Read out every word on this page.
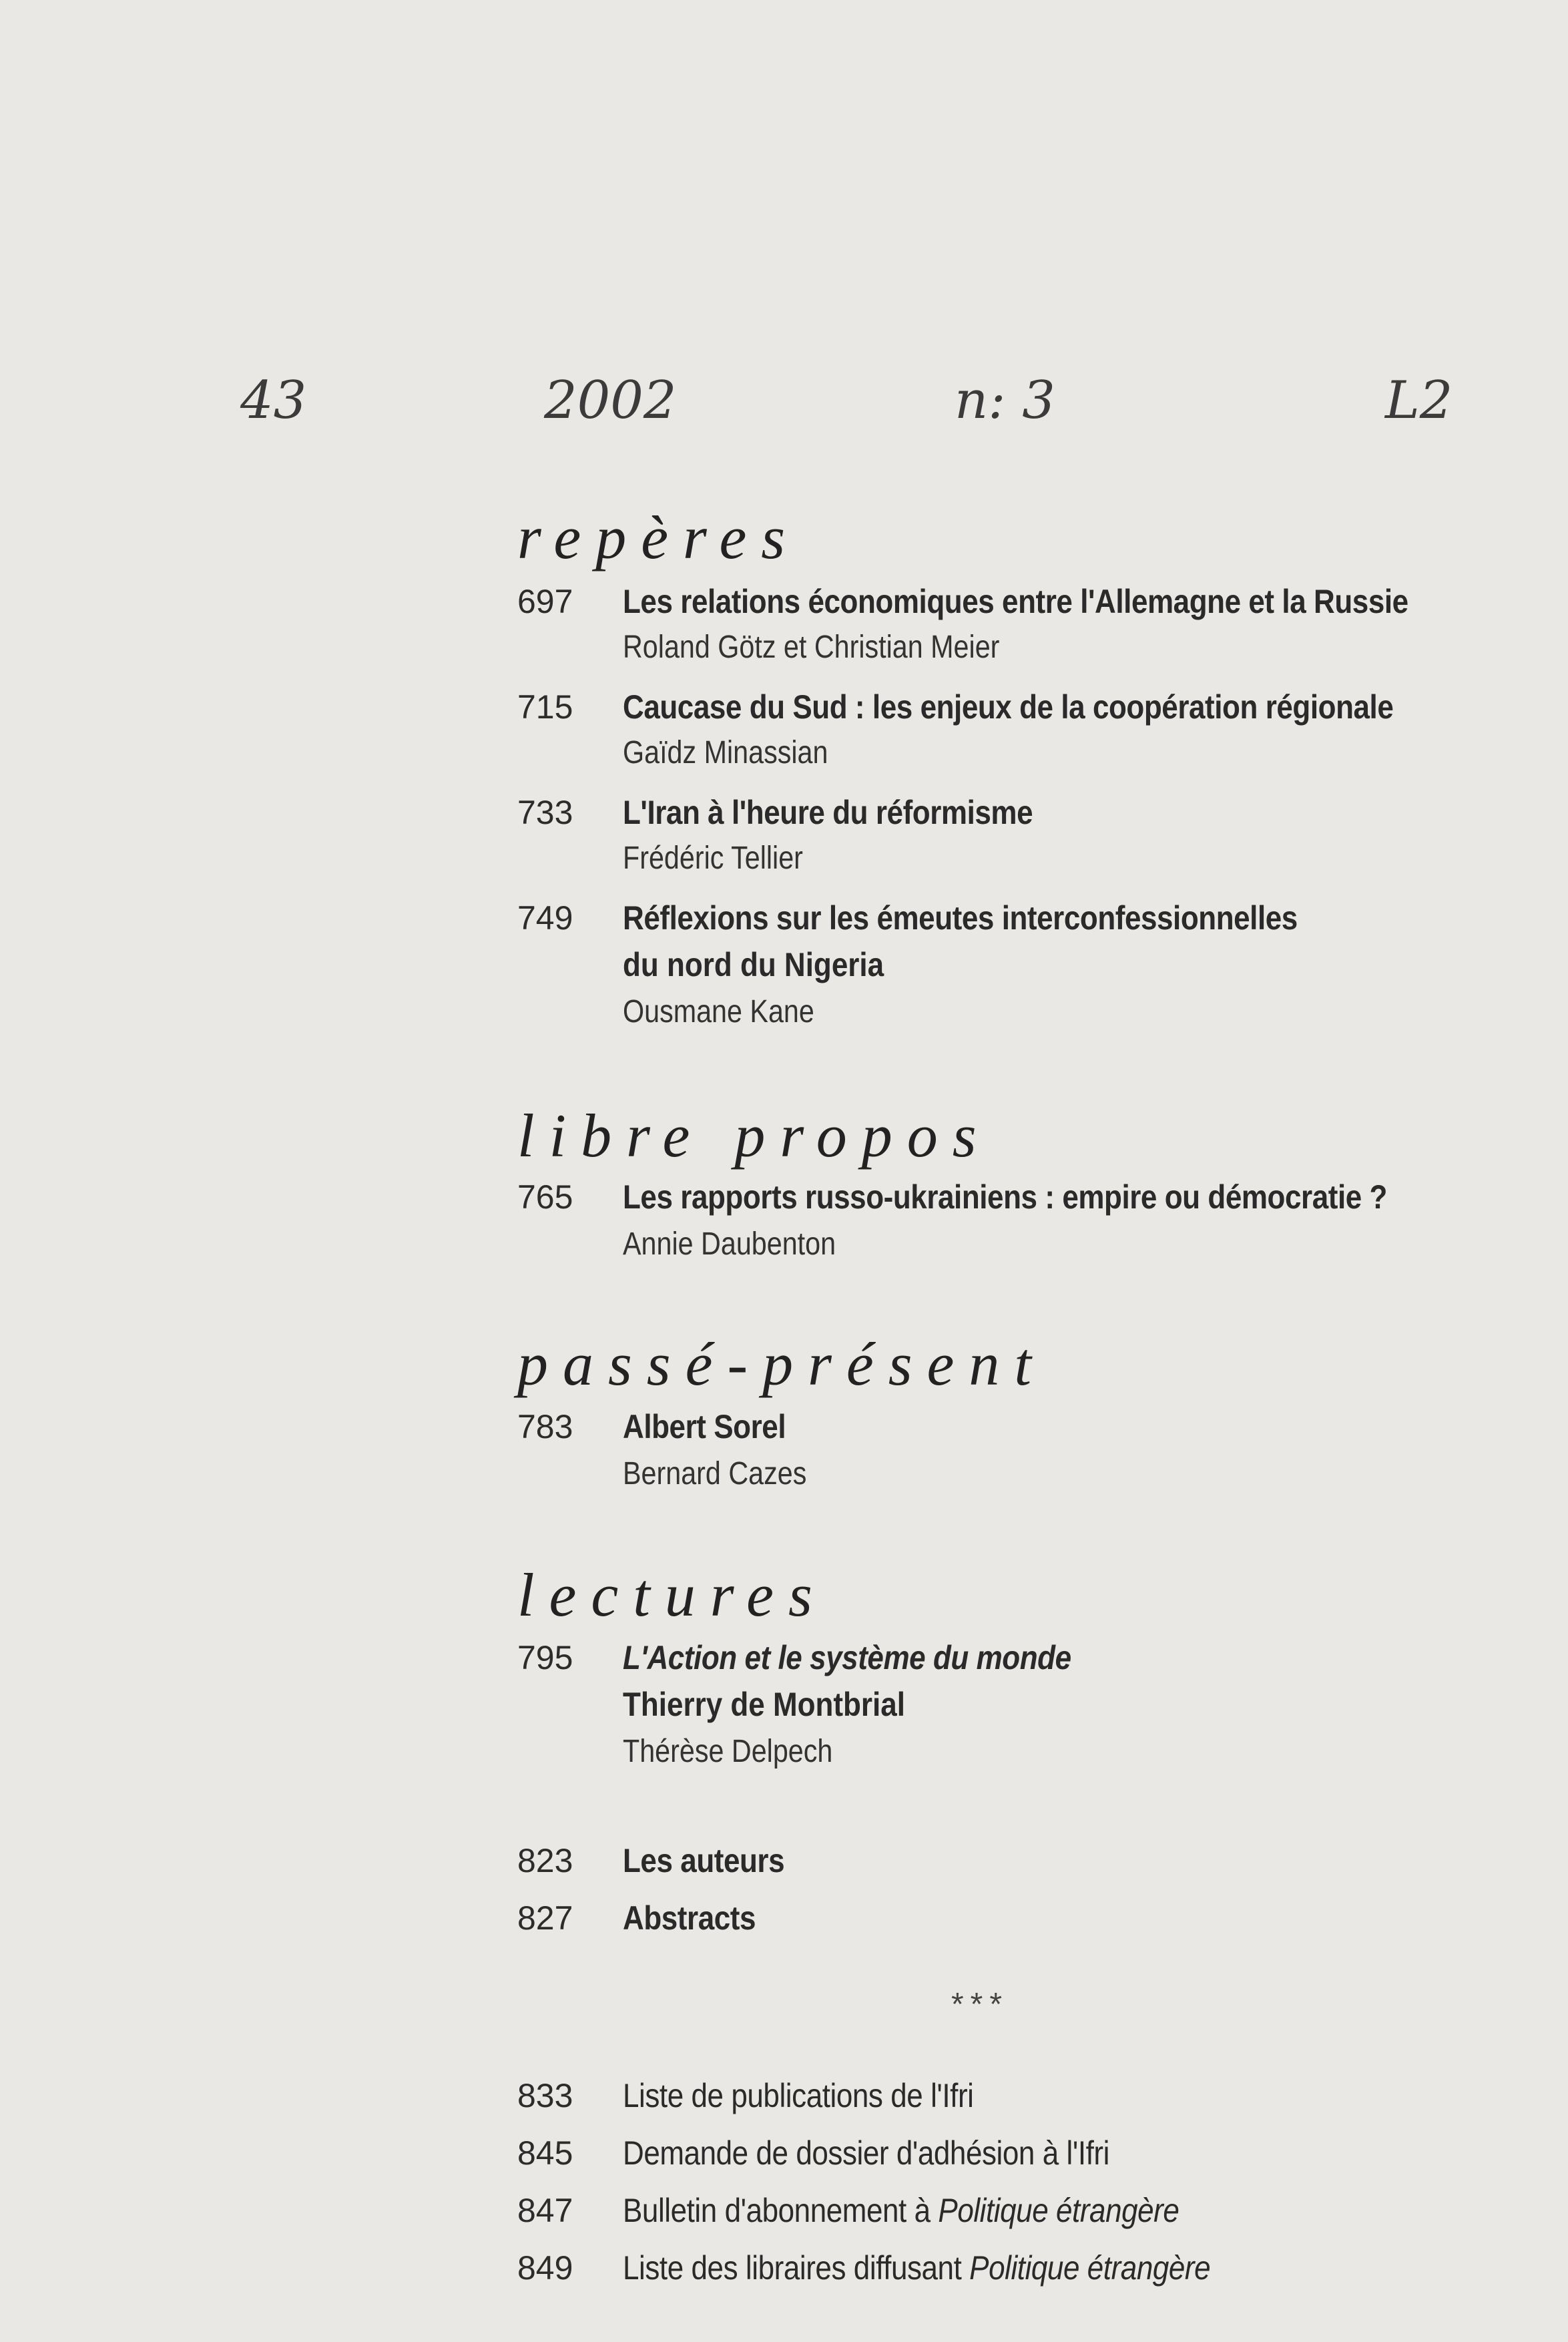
43	2002	n: 3	L2
repères
697 Les relations économiques entre l'Allemagne et la Russie
Roland Götz et Christian Meier
715 Caucase du Sud : les enjeux de la coopération régionale
Gaïdz Minassian
733 L'Iran à l'heure du réformisme
Frédéric Tellier
749 Réflexions sur les émeutes interconfessionnelles
du nord du Nigeria
Ousmane Kane
libre propos
765 Les rapports russo-ukrainiens : empire ou démocratie ?
Annie Daubenton
passé-présent
783 Albert Sorel
Bernard Cazes
lectures
795 L'Action et le système du monde
Thierry de Montbrial
Thérèse Delpech
823 Les auteurs
827 Abstracts
***
833 Liste de publications de l'Ifri
845 Demande de dossier d'adhésion à l'Ifri
847 Bulletin d'abonnement à Politique étrangère
849 Liste des libraires diffusant Politique étrangère
